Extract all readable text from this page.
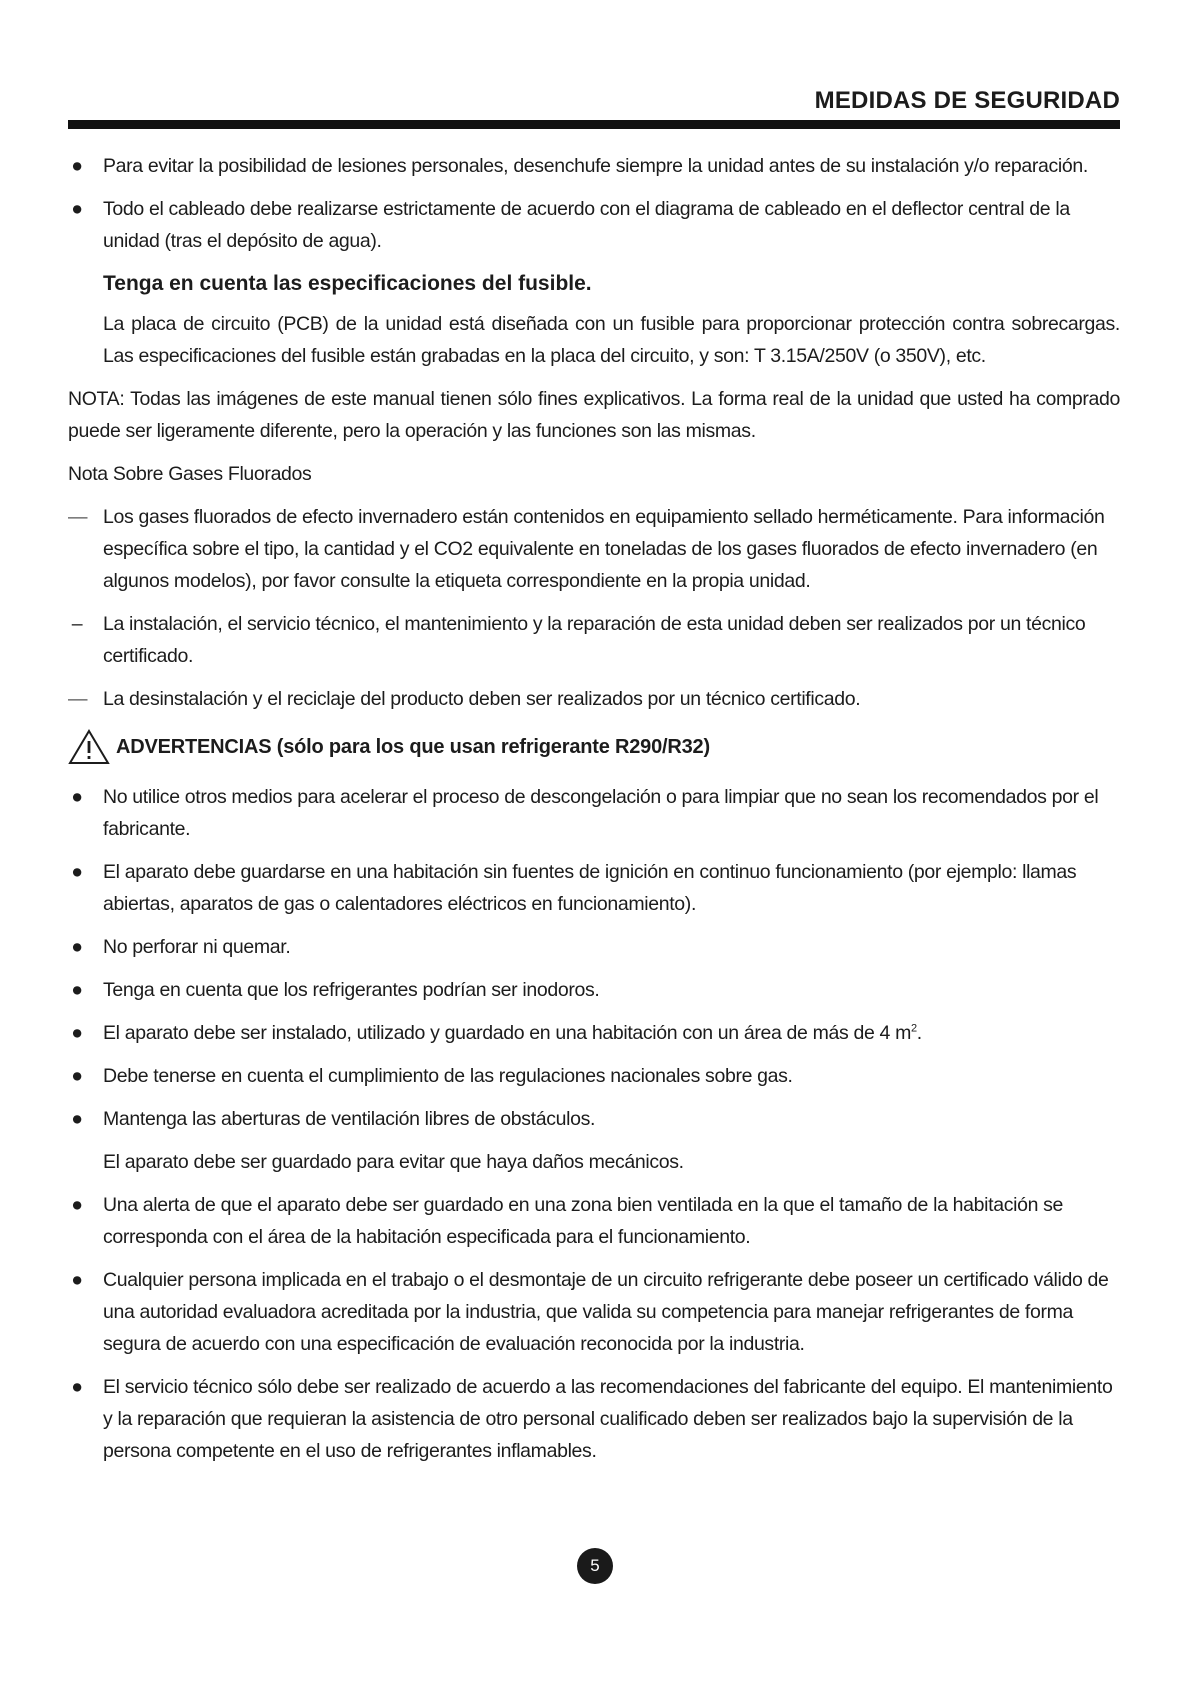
MEDIDAS DE SEGURIDAD
● Para evitar la posibilidad de lesiones personales, desenchufe siempre la unidad antes de su instalación y/o reparación.
● Todo el cableado debe realizarse estrictamente de acuerdo con el diagrama de cableado en el deflector central de la unidad (tras el depósito de agua).
Tenga en cuenta las especificaciones del fusible.
La placa de circuito (PCB) de la unidad está diseñada con un fusible para proporcionar protección contra sobrecargas. Las especificaciones del fusible están grabadas en la placa del circuito, y son: T 3.15A/250V (o 350V), etc.
NOTA: Todas las imágenes de este manual tienen sólo fines explicativos. La forma real de la unidad que usted ha comprado puede ser ligeramente diferente, pero la operación y las funciones son las mismas.
Nota Sobre Gases Fluorados
— Los gases fluorados de efecto invernadero están contenidos en equipamiento sellado herméticamente. Para información específica sobre el tipo, la cantidad y el CO2 equivalente en toneladas de los gases fluorados de efecto invernadero (en algunos modelos), por favor consulte la etiqueta correspondiente en la propia unidad.
– La instalación, el servicio técnico, el mantenimiento y la reparación de esta unidad deben ser realizados por un técnico certificado.
— La desinstalación y el reciclaje del producto deben ser realizados por un técnico certificado.
ADVERTENCIAS (sólo para los que usan refrigerante R290/R32)
● No utilice otros medios para acelerar el proceso de descongelación o para limpiar que no sean los recomendados por el fabricante.
● El aparato debe guardarse en una habitación sin fuentes de ignición en continuo funcionamiento (por ejemplo: llamas abiertas, aparatos de gas o calentadores eléctricos en funcionamiento).
● No perforar ni quemar.
● Tenga en cuenta que los refrigerantes podrían ser inodoros.
● El aparato debe ser instalado, utilizado y guardado en una habitación con un área de más de 4 $m^2$.
● Debe tenerse en cuenta el cumplimiento de las regulaciones nacionales sobre gas.
● Mantenga las aberturas de ventilación libres de obstáculos.
El aparato debe ser guardado para evitar que haya daños mecánicos.
● Una alerta de que el aparato debe ser guardado en una zona bien ventilada en la que el tamaño de la habitación se corresponda con el área de la habitación especificada para el funcionamiento.
● Cualquier persona implicada en el trabajo o el desmontaje de un circuito refrigerante debe poseer un certificado válido de una autoridad evaluadora acreditada por la industria, que valida su competencia para manejar refrigerantes de forma segura de acuerdo con una especificación de evaluación reconocida por la industria.
● El servicio técnico sólo debe ser realizado de acuerdo a las recomendaciones del fabricante del equipo. El mantenimiento y la reparación que requieran la asistencia de otro personal cualificado deben ser realizados bajo la supervisión de la persona competente en el uso de refrigerantes inflamables.
5
